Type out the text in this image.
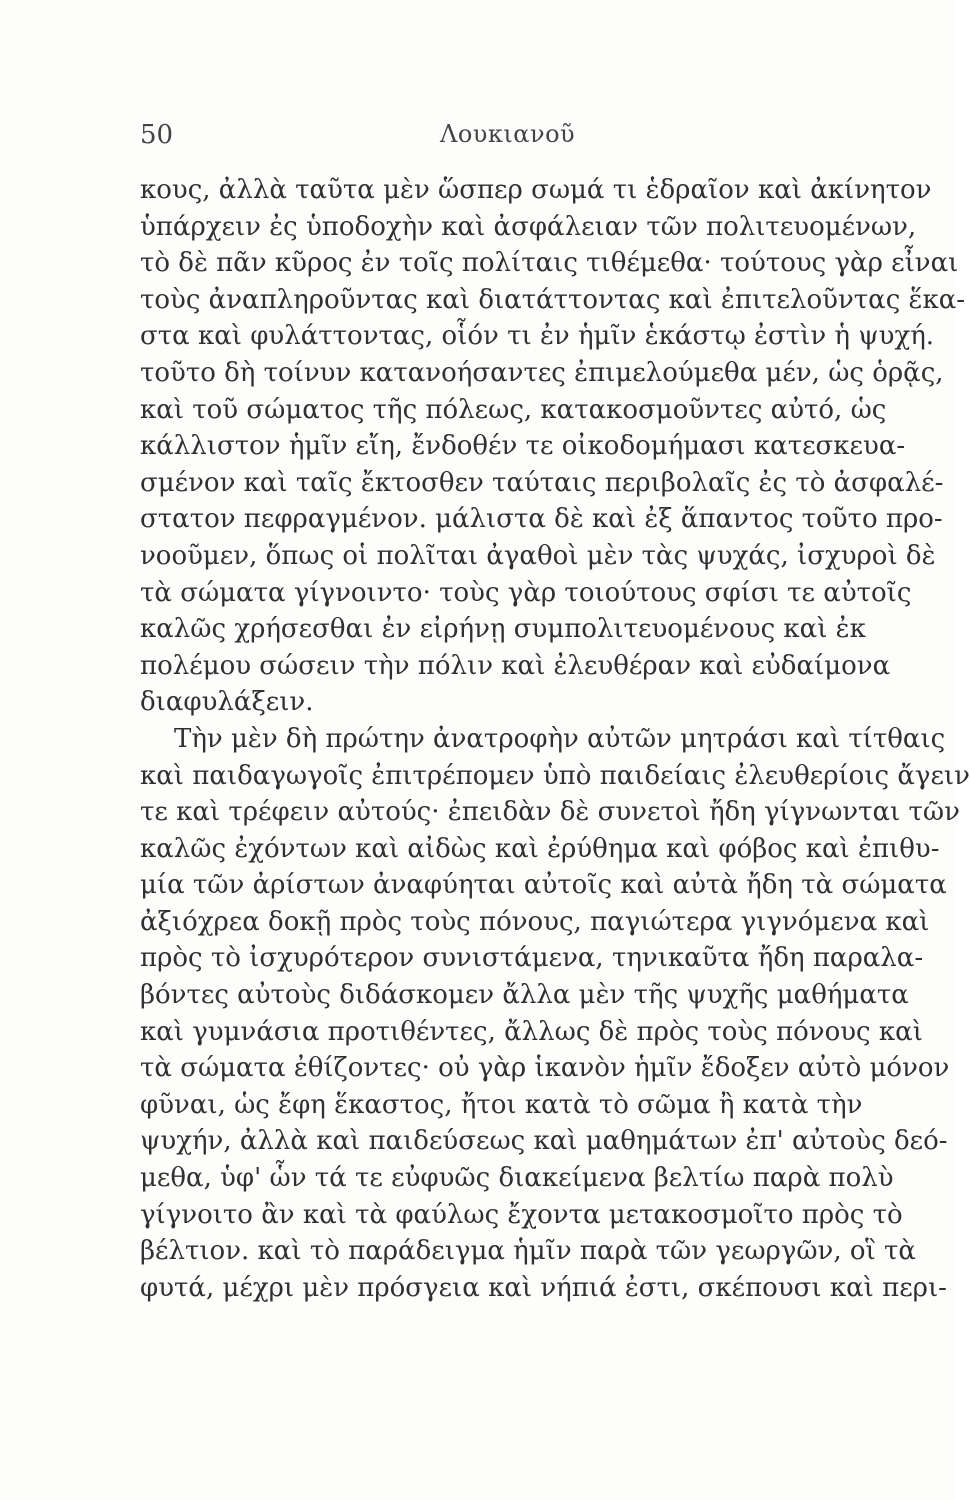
50	Λουκιανοῦ
κους, ἀλλὰ ταῦτα μὲν ὥσπερ σωμά τι ἑδραῖον καὶ ἀκίνητον
ὑπάρχειν ἐς ὑποδοχὴν καὶ ἀσφάλειαν τῶν πολιτευομένων,
τὸ δὲ πᾶν κῦρος ἐν τοῖς πολίταις τιθέμεθα· τούτους γὰρ εἶναι
τοὺς ἀναπληροῦντας καὶ διατάττοντας καὶ ἐπιτελοῦντας ἕκα-
στα καὶ φυλάττοντας, οἷόν τι ἐν ἡμῖν ἑκάστῳ ἐστὶν ἡ ψυχή.
τοῦτο δὴ τοίνυν κατανοήσαντες ἐπιμελούμεθα μέν, ὡς ὁρᾷς,
καὶ τοῦ σώματος τῆς πόλεως, κατακοσμοῦντες αὐτό, ὡς
κάλλιστον ἡμῖν εἴη, ἔνδοθέν τε οἰκοδομήμασι κατεσκευα-
σμένον καὶ ταῖς ἔκτοσθεν ταύταις περιβολαῖς ἐς τὸ ἀσφαλέ-
στατον πεφραγμένον. μάλιστα δὲ καὶ ἐξ ἅπαντος τοῦτο προ-
νοοῦμεν, ὅπως οἱ πολῖται ἀγαθοὶ μὲν τὰς ψυχάς, ἰσχυροὶ δὲ
τὰ σώματα γίγνοιντο· τοὺς γὰρ τοιούτους σφίσι τε αὐτοῖς
καλῶς χρήσεσθαι ἐν εἰρήνῃ συμπολιτευομένους καὶ ἐκ
πολέμου σώσειν τὴν πόλιν καὶ ἐλευθέραν καὶ εὐδαίμονα
διαφυλάξειν.
Τὴν μὲν δὴ πρώτην ἀνατροφὴν αὐτῶν μητράσι καὶ τίτθαις
καὶ παιδαγωγοῖς ἐπιτρέπομεν ὑπὸ παιδείαις ἐλευθερίοις ἄγειν
τε καὶ τρέφειν αὐτούς· ἐπειδὰν δὲ συνετοὶ ἤδη γίγνωνται τῶν
καλῶς ἐχόντων καὶ αἰδὼς καὶ ἐρύθημα καὶ φόβος καὶ ἐπιθυ-
μία τῶν ἀρίστων ἀναφύηται αὐτοῖς καὶ αὐτὰ ἤδη τὰ σώματα
ἀξιόχρεα δοκῇ πρὸς τοὺς πόνους, παγιώτερα γιγνόμενα καὶ
πρὸς τὸ ἰσχυρότερον συνιστάμενα, τηνικαῦτα ἤδη παραλα-
βόντες αὐτοὺς διδάσκομεν ἄλλα μὲν τῆς ψυχῆς μαθήματα
καὶ γυμνάσια προτιθέντες, ἄλλως δὲ πρὸς τοὺς πόνους καὶ
τὰ σώματα ἐθίζοντες· οὐ γὰρ ἱκανὸν ἡμῖν ἔδοξεν αὐτὸ μόνον
φῦναι, ὡς ἔφη ἕκαστος, ἤτοι κατὰ τὸ σῶμα ἢ κατὰ τὴν
ψυχήν, ἀλλὰ καὶ παιδεύσεως καὶ μαθημάτων ἐπ' αὐτοὺς δεό-
μεθα, ὑφ' ὧν τά τε εὐφυῶς διακείμενα βελτίω παρὰ πολὺ
γίγνοιτο ἂν καὶ τὰ φαύλως ἔχοντα μετακοσμοῖτο πρὸς τὸ
βέλτιον. καὶ τὸ παράδειγμα ἡμῖν παρὰ τῶν γεωργῶν, οἳ τὰ
φυτά, μέχρι μὲν πρόσγεια καὶ νήπιά ἐστι, σκέπουσι καὶ περι-
